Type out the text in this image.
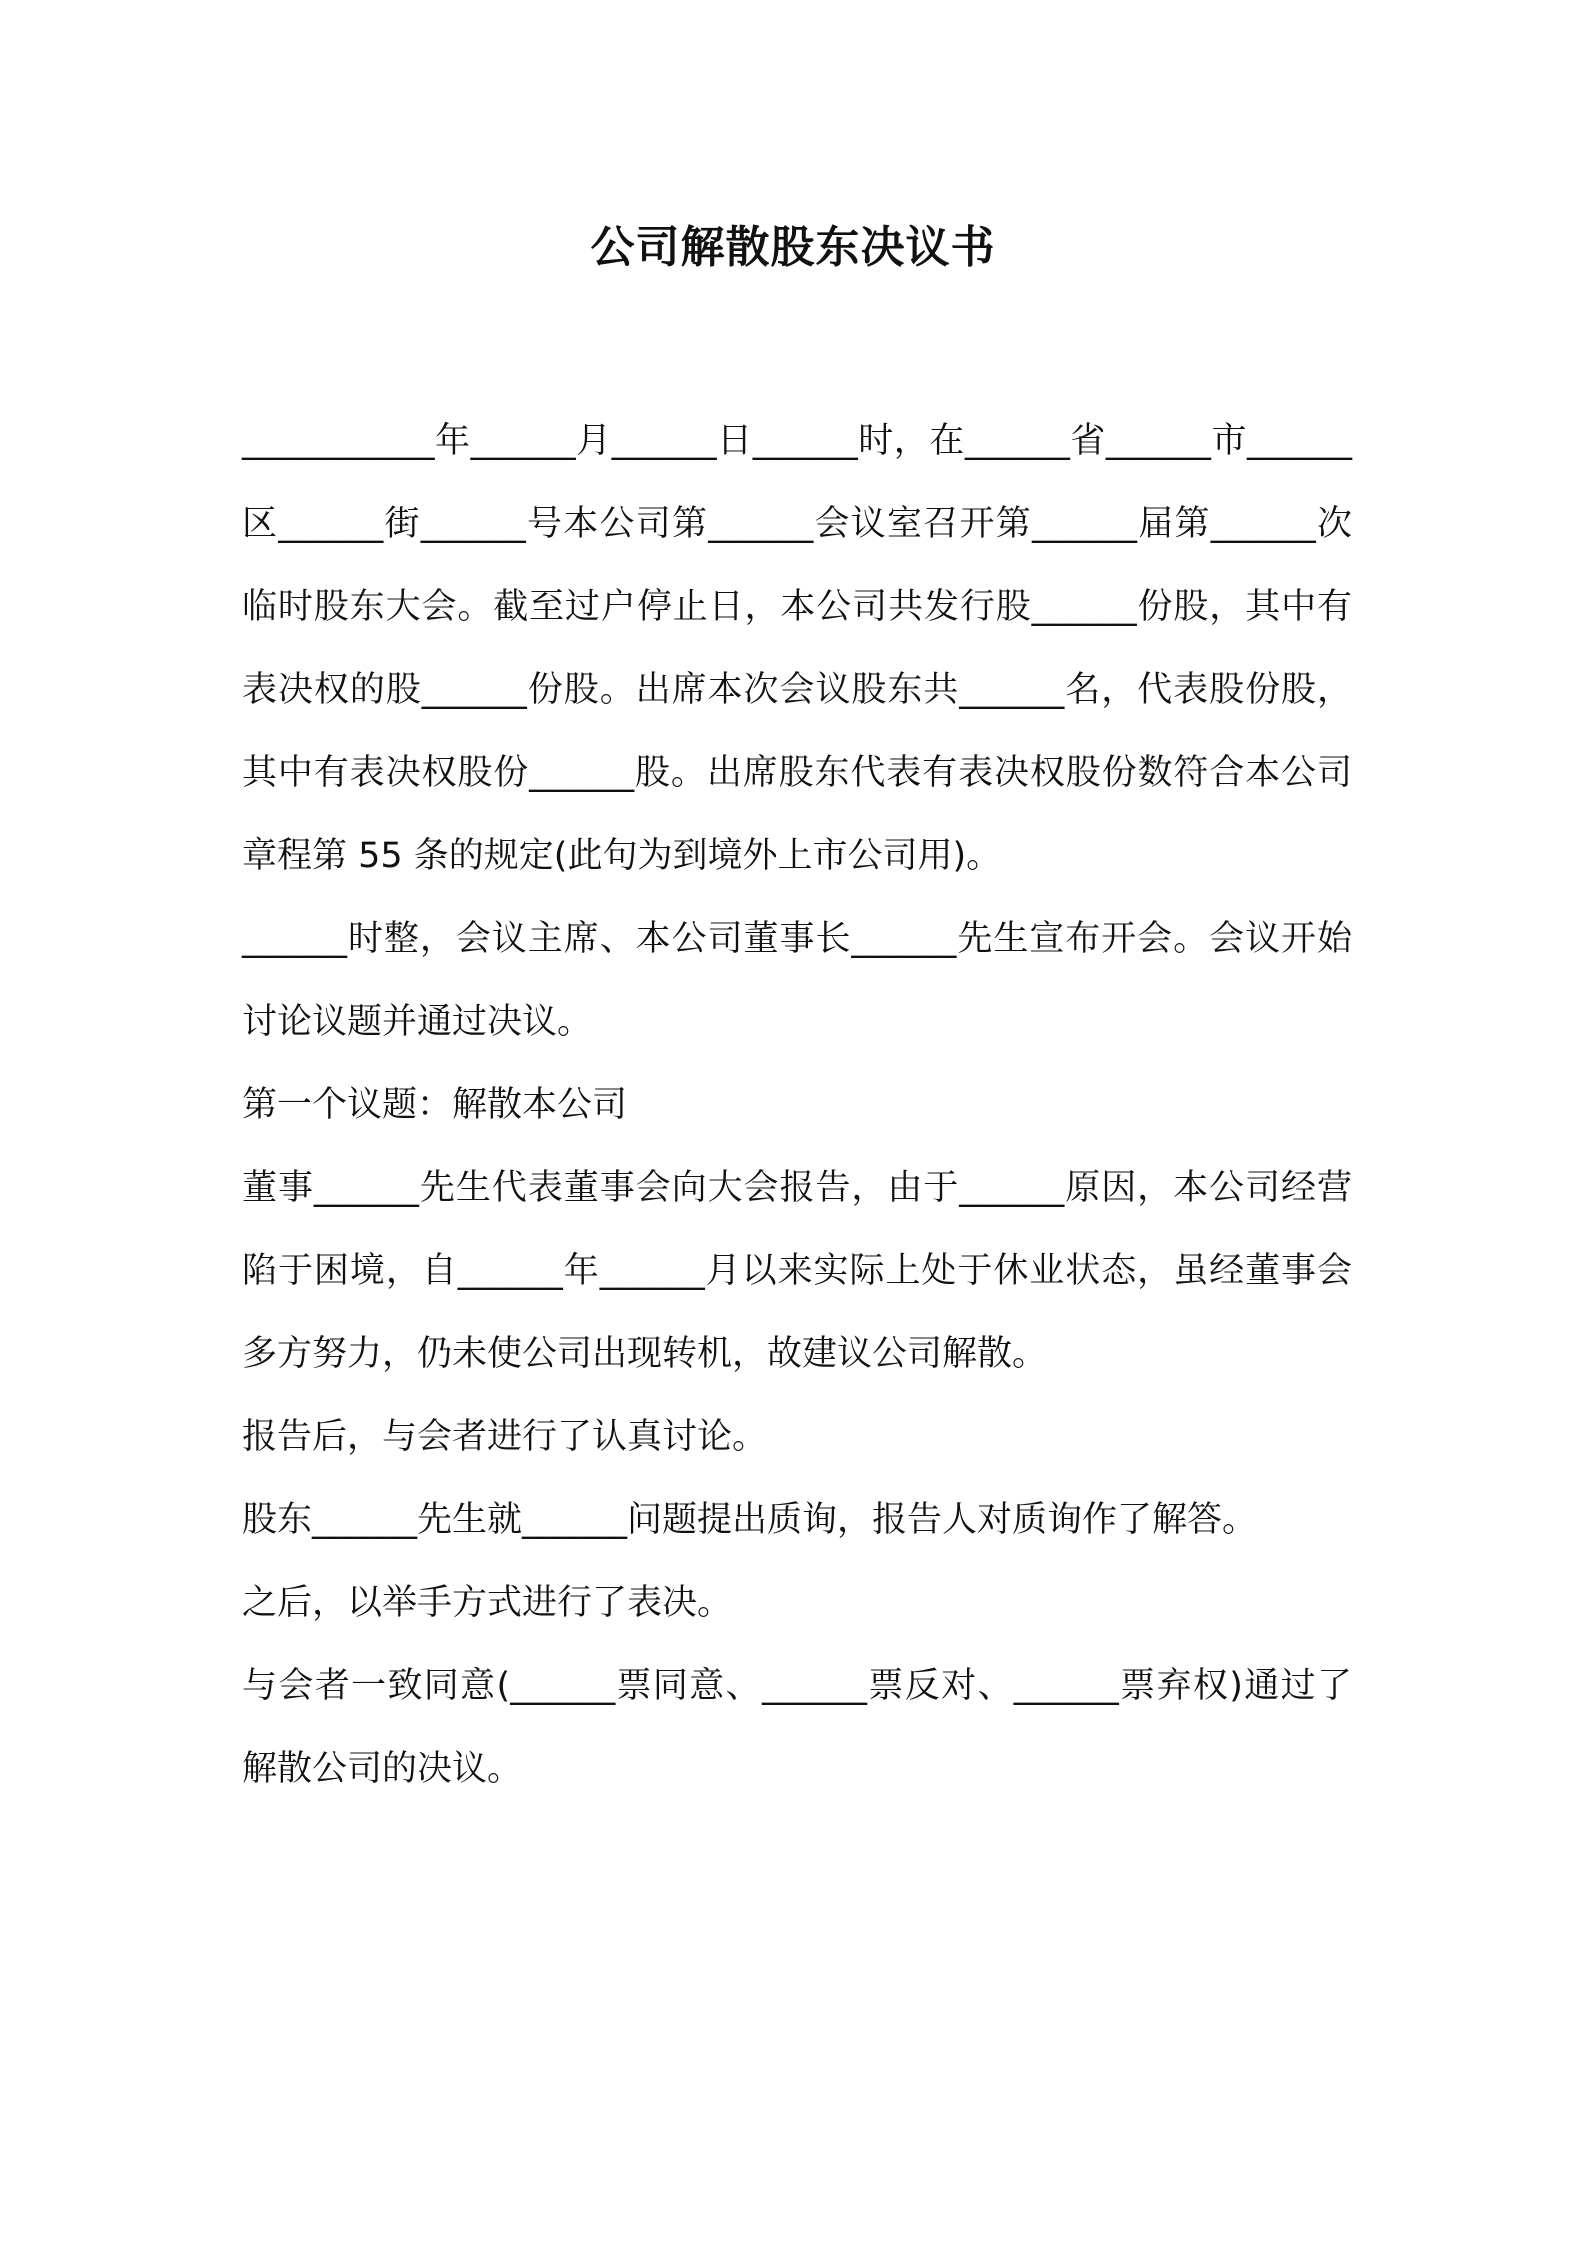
公司解散股东决议书

___________年______月______日______时，在______省______市______区______街______号本公司第______会议室召开第______届第______次临时股东大会。截至过户停止日，本公司共发行股______份股，其中有表决权的股______份股。出席本次会议股东共______名，代表股份股，其中有表决权股份______股。出席股东代表有表决权股份数符合本公司章程第 55 条的规定(此句为到境外上市公司用)。

______时整，会议主席、本公司董事长______先生宣布开会。会议开始讨论议题并通过决议。

第一个议题：解散本公司

董事______先生代表董事会向大会报告，由于______原因，本公司经营陷于困境，自______年______月以来实际上处于休业状态，虽经董事会多方努力，仍未使公司出现转机，故建议公司解散。

报告后，与会者进行了认真讨论。

股东______先生就______问题提出质询，报告人对质询作了解答。

之后，以举手方式进行了表决。

与会者一致同意(______票同意、______票反对、______票弃权)通过了解散公司的决议。
